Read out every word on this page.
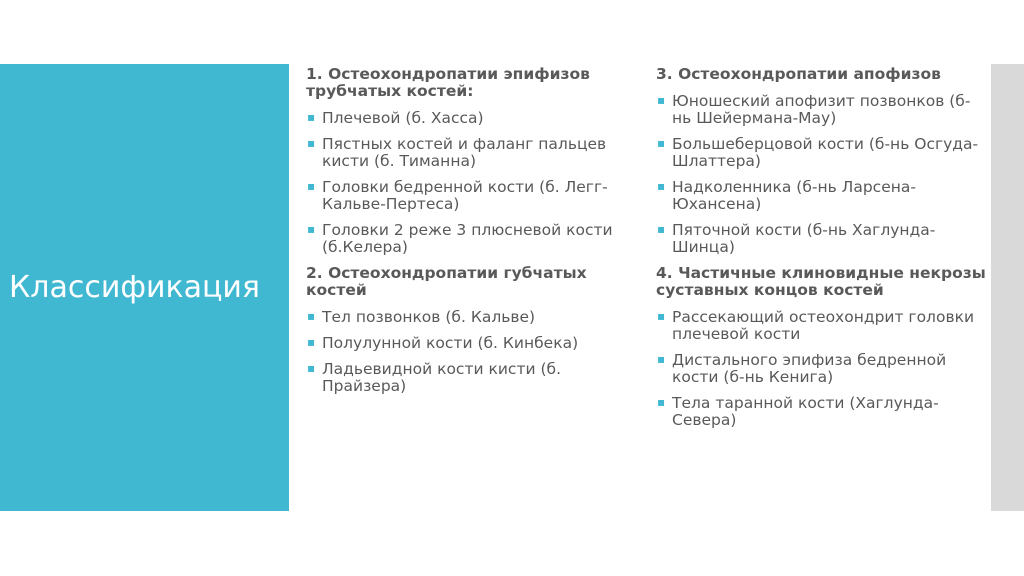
Классификация
1. Остеохондропатии эпифизов трубчатых костей:
▪ Плечевой (б. Хасса)
▪ Пястных костей и фаланг пальцев кисти (б. Тиманна)
▪ Головки бедренной кости (б. Легг-Кальве-Пертеса)
▪ Головки 2 реже 3 плюсневой кости (б.Келера)
2. Остеохондропатии губчатых костей
▪ Тел позвонков (б. Кальве)
▪ Полулунной кости (б. Кинбека)
▪ Ладьевидной кости кисти (б. Прайзера)
3. Остеохондропатии апофизов
▪ Юношеский апофизит позвонков (б-нь Шейермана-Мау)
▪ Большеберцовой кости (б-нь Осгуда-Шлаттера)
▪ Надколенника (б-нь Ларсена-Юхансена)
▪ Пяточной кости (б-нь Хаглунда-Шинца)
4. Частичные клиновидные некрозы суставных концов костей
▪ Рассекающий остеохондрит головки плечевой кости
▪ Дистального эпифиза бедренной кости (б-нь Кенига)
▪ Тела таранной кости (Хаглунда-Севера)
